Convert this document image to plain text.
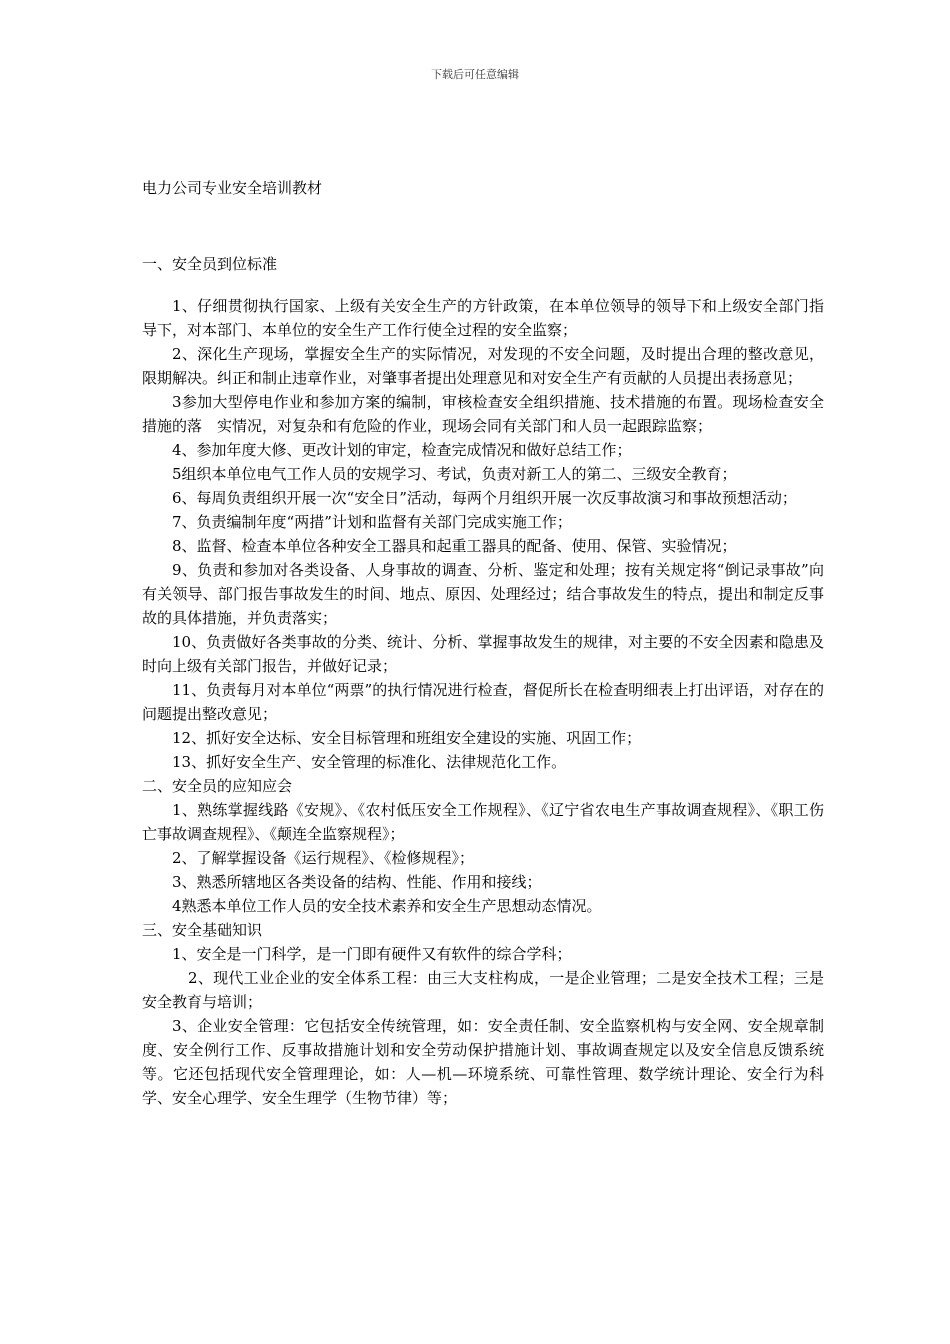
下载后可任意编辑
电力公司专业安全培训教材

一、安全员到位标准

1、仔细贯彻执行国家、上级有关安全生产的方针政策，在本单位领导的领导下和上级安全部门指导下，对本部门、本单位的安全生产工作行使全过程的安全监察；

2、深化生产现场，掌握安全生产的实际情况，对发现的不安全问题，及时提出合理的整改意见，限期解决。纠正和制止违章作业，对肇事者提出处理意见和对安全生产有贡献的人员提出表扬意见；

3参加大型停电作业和参加方案的编制，审核检查安全组织措施、技术措施的布置。现场检查安全措施的落　实情况，对复杂和有危险的作业，现场会同有关部门和人员一起跟踪监察；

4、参加年度大修、更改计划的审定，检查完成情况和做好总结工作；

5组织本单位电气工作人员的安规学习、考试，负责对新工人的第二、三级安全教育；

6、每周负责组织开展一次“安全日”活动，每两个月组织开展一次反事故演习和事故预想活动；

7、负责编制年度“两措”计划和监督有关部门完成实施工作；

8、监督、检查本单位各种安全工器具和起重工器具的配备、使用、保管、实验情况；

9、负责和参加对各类设备、人身事故的调查、分析、鉴定和处理；按有关规定将“倒记录事故”向有关领导、部门报告事故发生的时间、地点、原因、处理经过；结合事故发生的特点，提出和制定反事故的具体措施，并负责落实；

10、负责做好各类事故的分类、统计、分析、掌握事故发生的规律，对主要的不安全因素和隐患及时向上级有关部门报告，并做好记录；

11、负责每月对本单位“两票”的执行情况进行检查，督促所长在检查明细表上打出评语，对存在的问题提出整改意见；

12、抓好安全达标、安全目标管理和班组安全建设的实施、巩固工作；

13、抓好安全生产、安全管理的标准化、法律规范化工作。

二、安全员的应知应会

1、熟练掌握线路《安规》、《农村低压安全工作规程》、《辽宁省农电生产事故调查规程》、《职工伤亡事故调查规程》、《颠连全监察规程》；

2、了解掌握设备《运行规程》、《检修规程》；

3、熟悉所辖地区各类设备的结构、性能、作用和接线；

4熟悉本单位工作人员的安全技术素养和安全生产思想动态情况。

三、安全基础知识

1、安全是一门科学，是一门即有硬件又有软件的综合学科；

2、现代工业企业的安全体系工程：由三大支柱构成，一是企业管理；二是安全技术工程；三是安全教育与培训；

3、企业安全管理：它包括安全传统管理，如：安全责任制、安全监察机构与安全网、安全规章制度、安全例行工作、反事故措施计划和安全劳动保护措施计划、事故调查规定以及安全信息反馈系统等。它还包括现代安全管理理论，如：人—机—环境系统、可靠性管理、数学统计理论、安全行为科学、安全心理学、安全生理学（生物节律）等；
